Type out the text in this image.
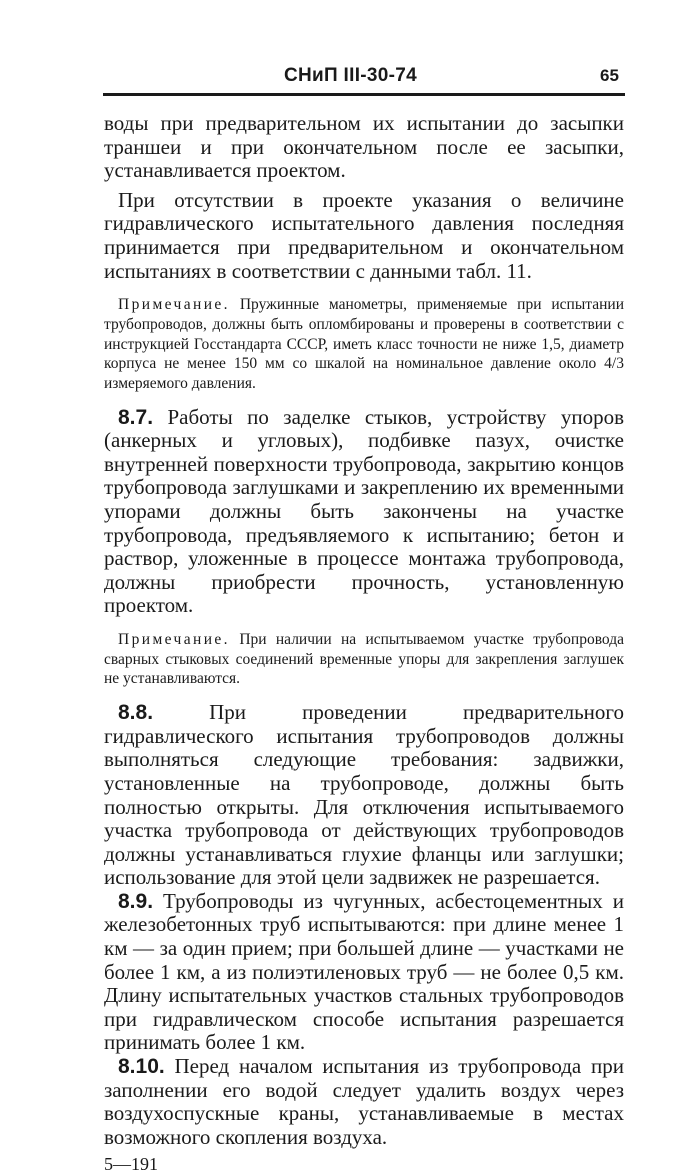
СНиП III-30-74	65

воды при предварительном их испытании до засыпки траншеи и при окончательном после ее засыпки, устанавливается проектом.

При отсутствии в проекте указания о величине гидравлического испытательного давления последняя принимается при предварительном и окончательном испытаниях в соответствии с данными табл. 11.

Примечание. Пружинные манометры, применяемые при испытании трубопроводов, должны быть опломбированы и проверены в соответствии с инструкцией Госстандарта СССР, иметь класс точности не ниже 1,5, диаметр корпуса не менее 150 мм со шкалой на номинальное давление около 4/3 измеряемого давления.

8.7. Работы по заделке стыков, устройству упоров (анкерных и угловых), подбивке пазух, очистке внутренней поверхности трубопровода, закрытию концов трубопровода заглушками и закреплению их временными упорами должны быть закончены на участке трубопровода, предъявляемого к испытанию; бетон и раствор, уложенные в процессе монтажа трубопровода, должны приобрести прочность, установленную проектом.

Примечание. При наличии на испытываемом участке трубопровода сварных стыковых соединений временные упоры для закрепления заглушек не устанавливаются.

8.8.	При проведении предварительного гидравлического испытания трубопроводов должны выполняться следующие требования: задвижки, установленные на трубопроводе, должны быть полностью открыты. Для отключения испытываемого участка трубопровода от действующих трубопроводов должны устанавливаться глухие фланцы или заглушки; использование для этой цели задвижек не разрешается.

8.9. Трубопроводы из чугунных, асбестоцементных и железобетонных труб испытываются: при длине менее 1 км — за один прием; при большей длине — участками не более 1 км, а из полиэтиленовых труб — не более 0,5 км. Длину испытательных участков стальных трубопроводов при гидравлическом способе испытания разрешается принимать более 1 км.

8.10. Перед началом испытания из трубопровода при заполнении его водой следует удалить воздух через воздухоспускные краны, устанавливаемые в местах возможного скопления воздуха.

5—191
